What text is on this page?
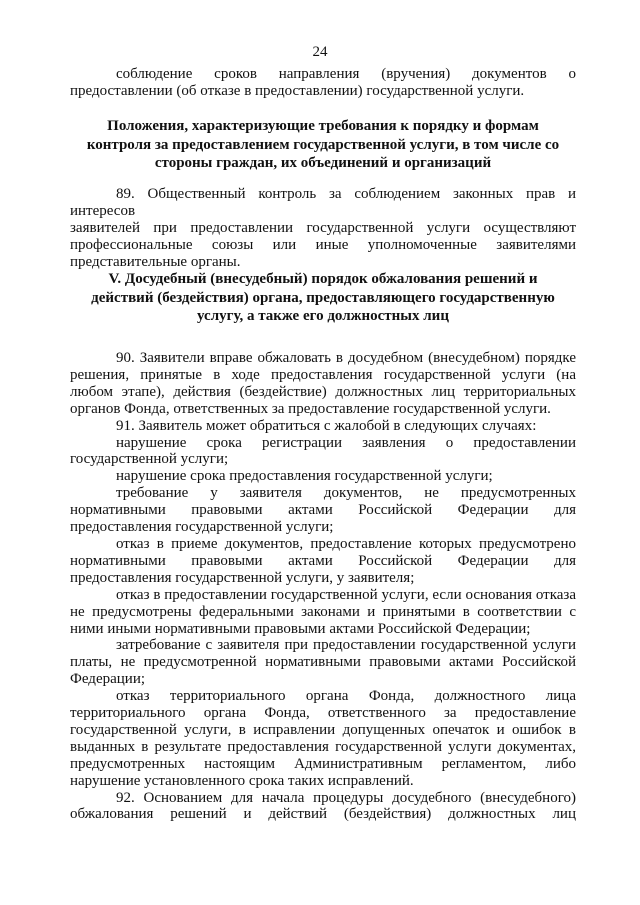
24

соблюдение сроков направления (вручения) документов о

предоставлении (об отказе в предоставлении) государственной услуги.

Положения, характеризующие требования к порядку и формам

контроля за предоставлением государственной услуги, в том числе со

стороны граждан, их объединений и организаций

89. Общественный контроль за соблюдением законных прав и интересов

заявителей при предоставлении государственной услуги осуществляют

профессиональные союзы или иные уполномоченные заявителями

представительные органы.

V. Досудебный (внесудебный) порядок обжалования решений и

действий (бездействия) органа, предоставляющего государственную

услугу, а также его должностных лиц

90. Заявители вправе обжаловать в досудебном (внесудебном) порядке

решения, принятые в ходе предоставления государственной услуги (на

любом этапе), действия (бездействие) должностных лиц территориальных

органов Фонда, ответственных за предоставление государственной услуги.

91. Заявитель может обратиться с жалобой в следующих случаях:

нарушение срока регистрации заявления о предоставлении

государственной услуги;

нарушение срока предоставления государственной услуги;

требование у заявителя документов, не предусмотренных

нормативными правовыми актами Российской Федерации для

предоставления государственной услуги;

отказ в приеме документов, предоставление которых предусмотрено

нормативными правовыми актами Российской Федерации для

предоставления государственной услуги, у заявителя;

отказ в предоставлении государственной услуги, если основания отказа

не предусмотрены федеральными законами и принятыми в соответствии с

ними иными нормативными правовыми актами Российской Федерации;

затребование с заявителя при предоставлении государственной услуги

платы, не предусмотренной нормативными правовыми актами Российской

Федерации;

отказ территориального органа Фонда, должностного лица

территориального органа Фонда, ответственного за предоставление

государственной услуги, в исправлении допущенных опечаток и ошибок в

выданных в результате предоставления государственной услуги документах,

предусмотренных настоящим Административным регламентом, либо

нарушение установленного срока таких исправлений.

92. Основанием для начала процедуры досудебного (внесудебного)

обжалования решений и действий (бездействия) должностных лиц
